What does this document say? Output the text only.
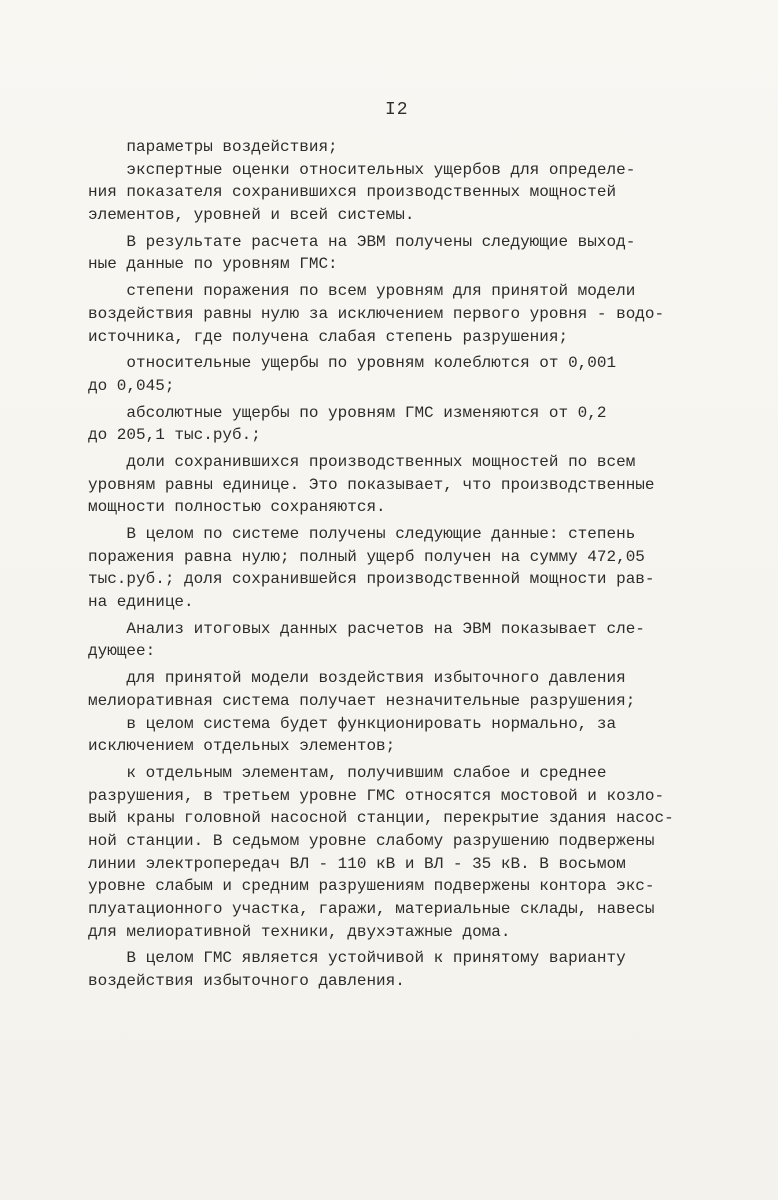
I2
параметры воздействия;
экспертные оценки относительных ущербов для определе-
ния показателя сохранившихся производственных мощностей
элементов, уровней и всей системы.
В результате расчета на ЭВМ получены следующие выход-
ные данные по уровням ГМС:
степени поражения по всем уровням для принятой модели
воздействия равны нулю за исключением первого уровня - водо-
источника, где получена слабая степень разрушения;
относительные ущербы по уровням колеблются от 0,001
до 0,045;
абсолютные ущербы по уровням ГМС изменяются от 0,2
до 205,1 тыс.руб.;
доли сохранившихся производственных мощностей по всем
уровням равны единице. Это показывает, что производственные
мощности полностью сохраняются.
В целом по системе получены следующие данные: степень
поражения равна нулю; полный ущерб получен на сумму 472,05
тыс.руб.; доля сохранившейся производственной мощности рав-
на единице.
Анализ итоговых данных расчетов на ЭВМ показывает сле-
дующее:
для принятой модели воздействия избыточного давления
мелиоративная система получает незначительные разрушения;
в целом система будет функционировать нормально, за
исключением отдельных элементов;
к отдельным элементам, получившим слабое и среднее
разрушения, в третьем уровне ГМС относятся мостовой и козло-
вый краны головной насосной станции, перекрытие здания насос-
ной станции. В седьмом уровне слабому разрушению подвержены
линии электропередач ВЛ - 110 кВ и ВЛ - 35 кВ. В восьмом
уровне слабым и средним разрушениям подвержены контора экс-
плуатационного участка, гаражи, материальные склады, навесы
для мелиоративной техники, двухэтажные дома.
В целом ГМС является устойчивой к принятому варианту
воздействия избыточного давления.
